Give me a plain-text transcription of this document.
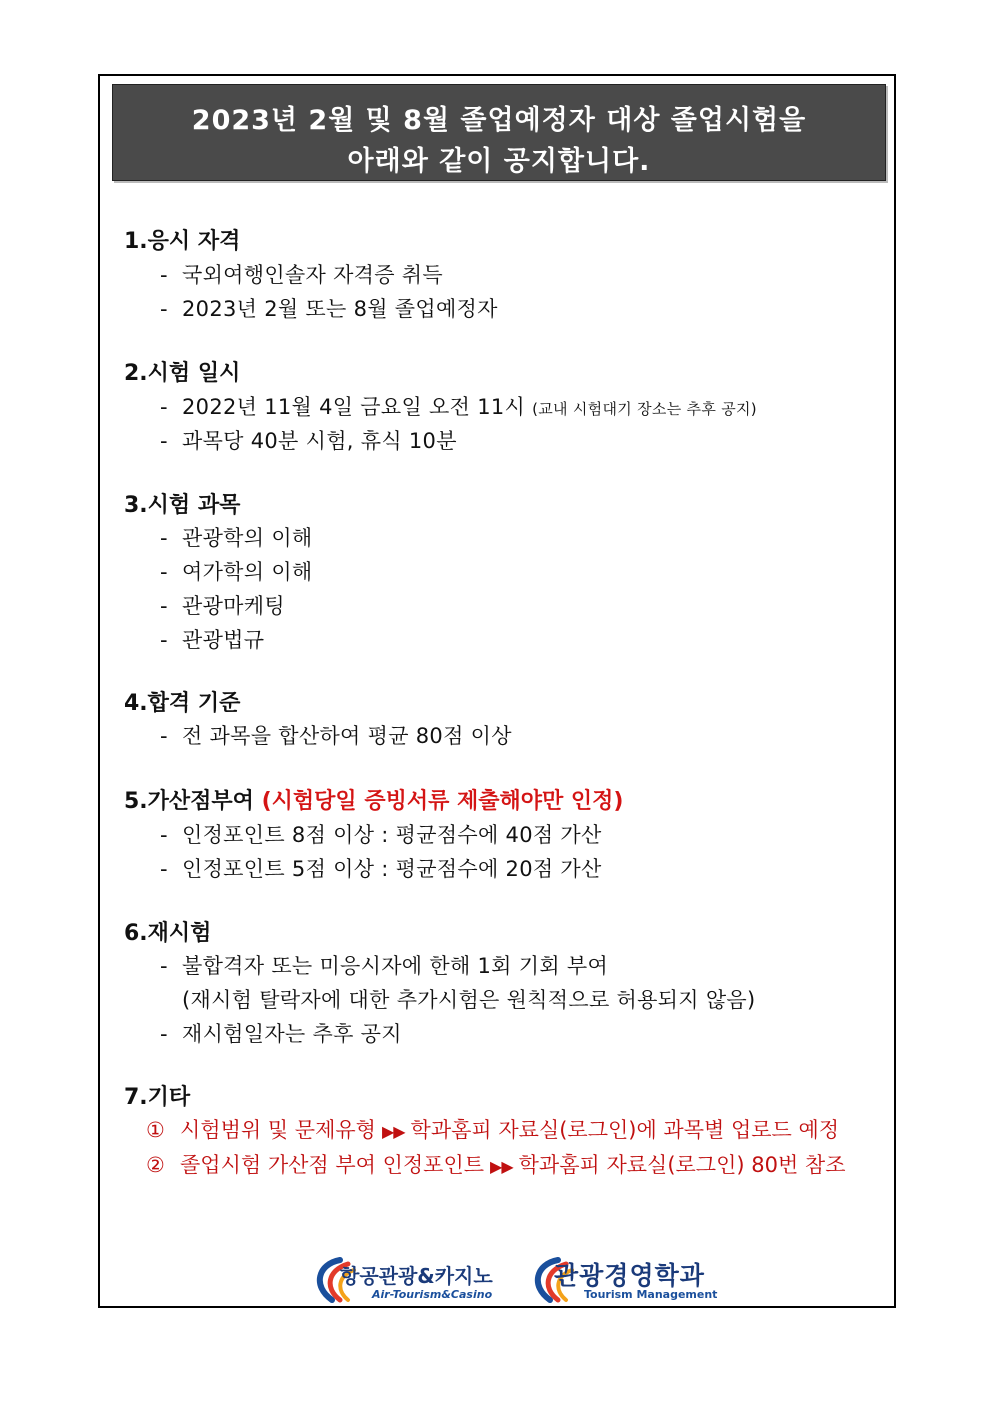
2023년 2월 및 8월 졸업예정자 대상 졸업시험을
아래와 같이 공지합니다.
1.응시 자격
- 국외여행인솔자 자격증 취득
- 2023년 2월 또는 8월 졸업예정자
2.시험 일시
- 2022년 11월 4일 금요일 오전 11시 (교내 시험대기 장소는 추후 공지)
- 과목당 40분 시험, 휴식 10분
3.시험 과목
- 관광학의 이해
- 여가학의 이해
- 관광마케팅
- 관광법규
4.합격 기준
- 전 과목을 합산하여 평균 80점 이상
5.가산점부여 (시험당일 증빙서류 제출해야만 인정)
- 인정포인트 8점 이상 : 평균점수에 40점 가산
- 인정포인트 5점 이상 : 평균점수에 20점 가산
6.재시험
- 불합격자 또는 미응시자에 한해 1회 기회 부여
(재시험 탈락자에 대한 추가시험은 원칙적으로 허용되지 않음)
- 재시험일자는 추후 공지
7.기타
① 시험범위 및 문제유형 ▶▶ 학과홈피 자료실(로그인)에 과목별 업로드 예정
② 졸업시험 가산점 부여 인정포인트 ▶▶ 학과홈피 자료실(로그인) 80번 참조
항공관광&카지노
Air-Tourism&Casino
관광경영학과
Tourism Management
